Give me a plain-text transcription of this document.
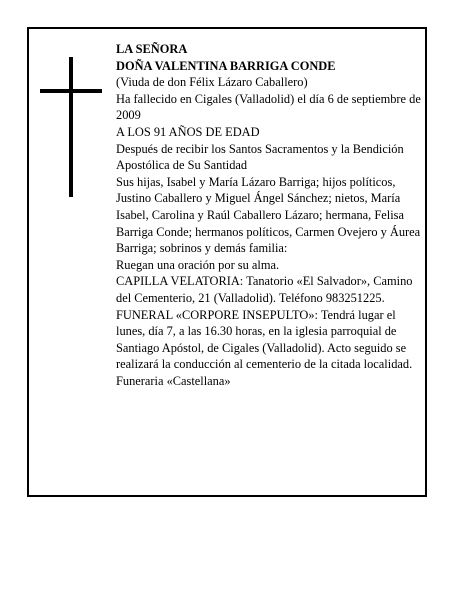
LA SEÑORA

DOÑA VALENTINA BARRIGA CONDE

(Viuda de don Félix Lázaro Caballero)

Ha fallecido en Cigales (Valladolid) el día 6 de septiembre de 2009

A LOS 91 AÑOS DE EDAD

Después de recibir los Santos Sacramentos y la Bendición Apostólica de Su Santidad

Sus hijas, Isabel y María Lázaro Barriga; hijos políticos, Justino Caballero y Miguel Ángel Sánchez; nietos, María Isabel, Carolina y Raúl Caballero Lázaro; hermana, Felisa Barriga Conde; hermanos políticos, Carmen Ovejero y Áurea Barriga; sobrinos y demás familia:

Ruegan una oración por su alma.

CAPILLA VELATORIA: Tanatorio «El Salvador», Camino del Cementerio, 21 (Valladolid). Teléfono 983251225.

FUNERAL «CORPORE INSEPULTO»: Tendrá lugar el lunes, día 7, a las 16.30 horas, en la iglesia parroquial de Santiago Apóstol, de Cigales (Valladolid). Acto seguido se realizará la conducción al cementerio de la citada localidad.

Funeraria «Castellana»
